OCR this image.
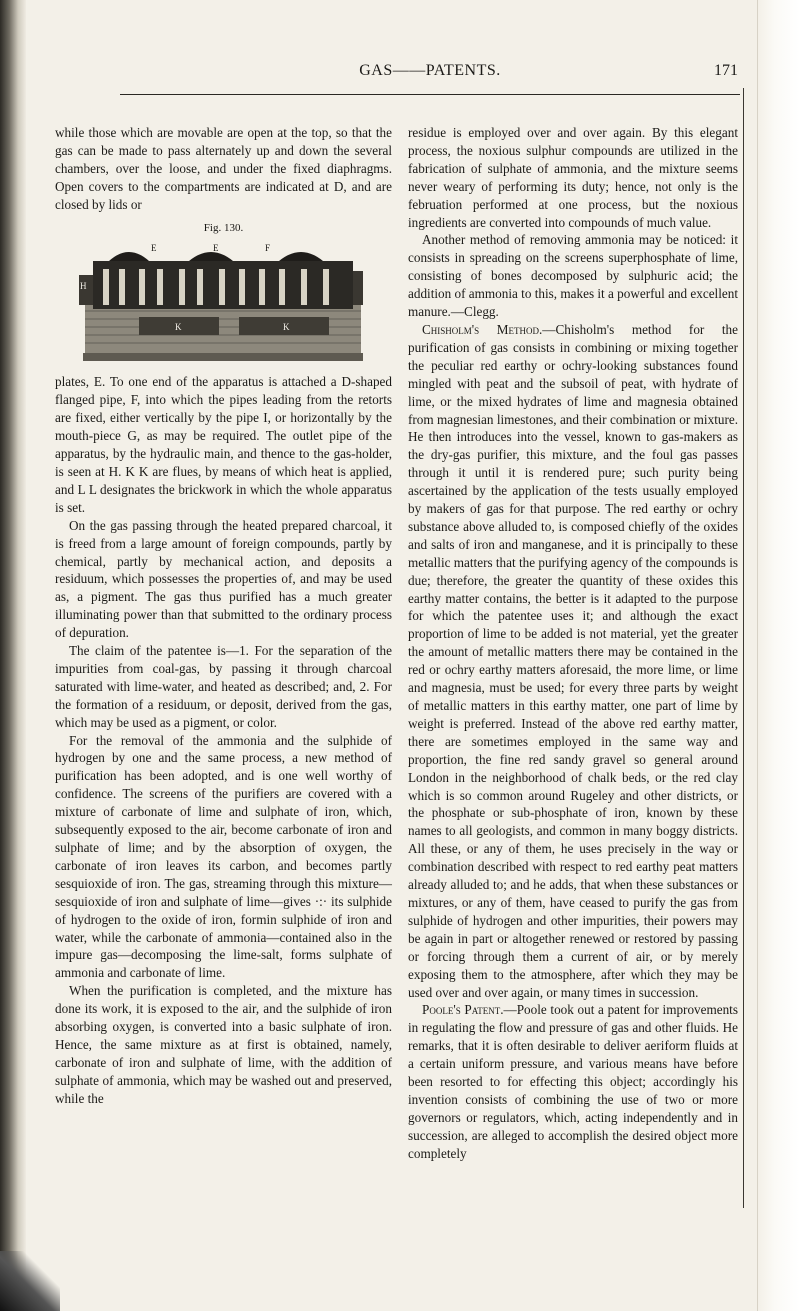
GAS——PATENTS.	171

while those which are movable are open at the top, so that the gas can be made to pass alternately up and down the several chambers, over the loose, and under the fixed diaphragms. Open covers to the compartments are indicated at D, and are closed by lids or

Fig. 130.
E	E	F
H
K	K

plates, E. To one end of the apparatus is attached a D-shaped flanged pipe, F, into which the pipes leading from the retorts are fixed, either vertically by the pipe I, or horizontally by the mouth-piece G, as may be required. The outlet pipe of the apparatus, by the hydraulic main, and thence to the gas-holder, is seen at H. K K are flues, by means of which heat is applied, and L L designates the brickwork in which the whole apparatus is set.

On the gas passing through the heated prepared charcoal, it is freed from a large amount of foreign compounds, partly by chemical, partly by mechanical action, and deposits a residuum, which possesses the properties of, and may be used as, a pigment. The gas thus purified has a much greater illuminating power than that submitted to the ordinary process of depuration.

The claim of the patentee is—1. For the separation of the impurities from coal-gas, by passing it through charcoal saturated with lime-water, and heated as described; and, 2. For the formation of a residuum, or deposit, derived from the gas, which may be used as a pigment, or color.

For the removal of the ammonia and the sulphide of hydrogen by one and the same process, a new method of purification has been adopted, and is one well worthy of confidence. The screens of the purifiers are covered with a mixture of carbonate of lime and sulphate of iron, which, subsequently exposed to the air, become carbonate of iron and sulphate of lime; and by the absorption of oxygen, the carbonate of iron leaves its carbon, and becomes partly sesquioxide of iron. The gas, streaming through this mixture—sesquioxide of iron and sulphate of lime—gives ·:· its sulphide of hydrogen to the oxide of iron, formin sulphide of iron and water, while the carbonate of ammonia—contained also in the impure gas—decomposing the lime-salt, forms sulphate of ammonia and carbonate of lime.

When the purification is completed, and the mixture has done its work, it is exposed to the air, and the sulphide of iron absorbing oxygen, is converted into a basic sulphate of iron. Hence, the same mixture as at first is obtained, namely, carbonate of iron and sulphate of lime, with the addition of sulphate of ammonia, which may be washed out and preserved, while the

residue is employed over and over again. By this elegant process, the noxious sulphur compounds are utilized in the fabrication of sulphate of ammonia, and the mixture seems never weary of performing its duty; hence, not only is the februation performed at one process, but the noxious ingredients are converted into compounds of much value.

Another method of removing ammonia may be noticed: it consists in spreading on the screens superphosphate of lime, consisting of bones decomposed by sulphuric acid; the addition of ammonia to this, makes it a powerful and excellent manure.—Clegg.

Chisholm's Method.—Chisholm's method for the purification of gas consists in combining or mixing together the peculiar red earthy or ochry-looking substances found mingled with peat and the subsoil of peat, with hydrate of lime, or the mixed hydrates of lime and magnesia obtained from magnesian limestones, and their combination or mixture. He then introduces into the vessel, known to gas-makers as the dry-gas purifier, this mixture, and the foul gas passes through it until it is rendered pure; such purity being ascertained by the application of the tests usually employed by makers of gas for that purpose. The red earthy or ochry substance above alluded to, is composed chiefly of the oxides and salts of iron and manganese, and it is principally to these metallic matters that the purifying agency of the compounds is due; therefore, the greater the quantity of these oxides this earthy matter contains, the better is it adapted to the purpose for which the patentee uses it; and although the exact proportion of lime to be added is not material, yet the greater the amount of metallic matters there may be contained in the red or ochry earthy matters aforesaid, the more lime, or lime and magnesia, must be used; for every three parts by weight of metallic matters in this earthy matter, one part of lime by weight is preferred. Instead of the above red earthy matter, there are sometimes employed in the same way and proportion, the fine red sandy gravel so general around London in the neighborhood of chalk beds, or the red clay which is so common around Rugeley and other districts, or the phosphate or sub-phosphate of iron, known by these names to all geologists, and common in many boggy districts. All these, or any of them, he uses precisely in the way or combination described with respect to red earthy peat matters already alluded to; and he adds, that when these substances or mixtures, or any of them, have ceased to purify the gas from sulphide of hydrogen and other impurities, their powers may be again in part or altogether renewed or restored by passing or forcing through them a current of air, or by merely exposing them to the atmosphere, after which they may be used over and over again, or many times in succession.

Poole's Patent.—Poole took out a patent for improvements in regulating the flow and pressure of gas and other fluids. He remarks, that it is often desirable to deliver aeriform fluids at a certain uniform pressure, and various means have before been resorted to for effecting this object; accordingly his invention consists of combining the use of two or more governors or regulators, which, acting independently and in succession, are alleged to accomplish the desired object more completely
